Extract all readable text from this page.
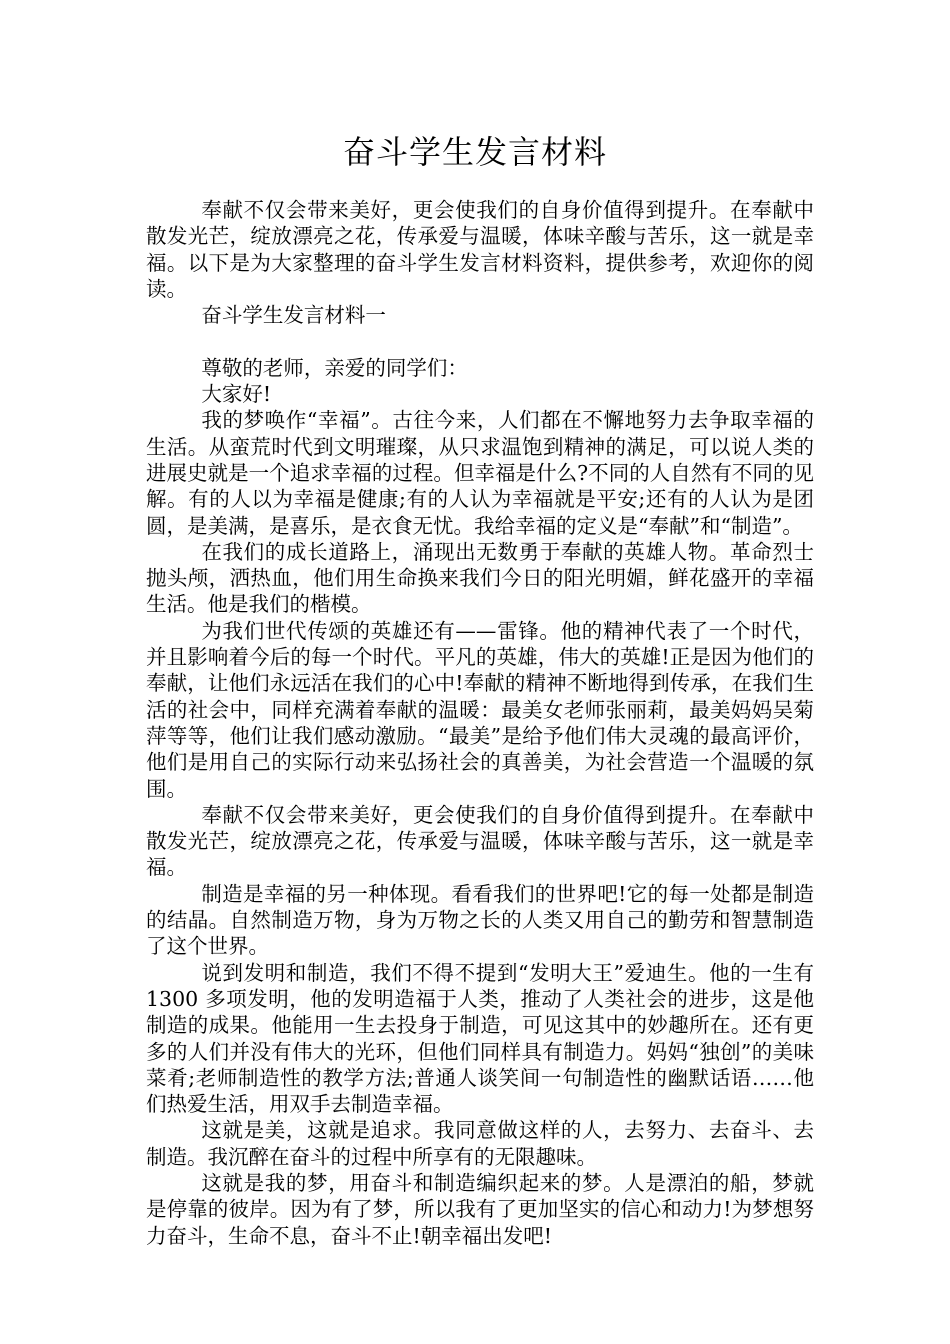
奋斗学生发言材料

奉献不仅会带来美好，更会使我们的自身价值得到提升。在奉献中散发光芒，绽放漂亮之花，传承爱与温暖，体味辛酸与苦乐，这一就是幸福。以下是为大家整理的奋斗学生发言材料资料，提供参考，欢迎你的阅读。

奋斗学生发言材料一

尊敬的老师，亲爱的同学们：

大家好!

我的梦唤作“幸福”。古往今来，人们都在不懈地努力去争取幸福的生活。从蛮荒时代到文明璀璨，从只求温饱到精神的满足，可以说人类的进展史就是一个追求幸福的过程。但幸福是什么?不同的人自然有不同的见解。有的人以为幸福是健康;有的人认为幸福就是平安;还有的人认为是团圆，是美满，是喜乐，是衣食无忧。我给幸福的定义是“奉献”和“制造”。

在我们的成长道路上，涌现出无数勇于奉献的英雄人物。革命烈士抛头颅，洒热血，他们用生命换来我们今日的阳光明媚，鲜花盛开的幸福生活。他是我们的楷模。

为我们世代传颂的英雄还有——雷锋。他的精神代表了一个时代，并且影响着今后的每一个时代。平凡的英雄，伟大的英雄!正是因为他们的奉献，让他们永远活在我们的心中!奉献的精神不断地得到传承，在我们生活的社会中，同样充满着奉献的温暖：最美女老师张丽莉，最美妈妈吴菊萍等等，他们让我们感动激励。“最美”是给予他们伟大灵魂的最高评价，他们是用自己的实际行动来弘扬社会的真善美，为社会营造一个温暖的氛围。

奉献不仅会带来美好，更会使我们的自身价值得到提升。在奉献中散发光芒，绽放漂亮之花，传承爱与温暖，体味辛酸与苦乐，这一就是幸福。

制造是幸福的另一种体现。看看我们的世界吧!它的每一处都是制造的结晶。自然制造万物，身为万物之长的人类又用自己的勤劳和智慧制造了这个世界。

说到发明和制造，我们不得不提到“发明大王”爱迪生。他的一生有 1300 多项发明，他的发明造福于人类，推动了人类社会的进步，这是他制造的成果。他能用一生去投身于制造，可见这其中的妙趣所在。还有更多的人们并没有伟大的光环，但他们同样具有制造力。妈妈“独创”的美味菜肴;老师制造性的教学方法;普通人谈笑间一句制造性的幽默话语……他们热爱生活，用双手去制造幸福。

这就是美，这就是追求。我同意做这样的人，去努力、去奋斗、去制造。我沉醉在奋斗的过程中所享有的无限趣味。

这就是我的梦，用奋斗和制造编织起来的梦。人是漂泊的船，梦就是停靠的彼岸。因为有了梦，所以我有了更加坚实的信心和动力!为梦想努力奋斗，生命不息，奋斗不止!朝幸福出发吧!
